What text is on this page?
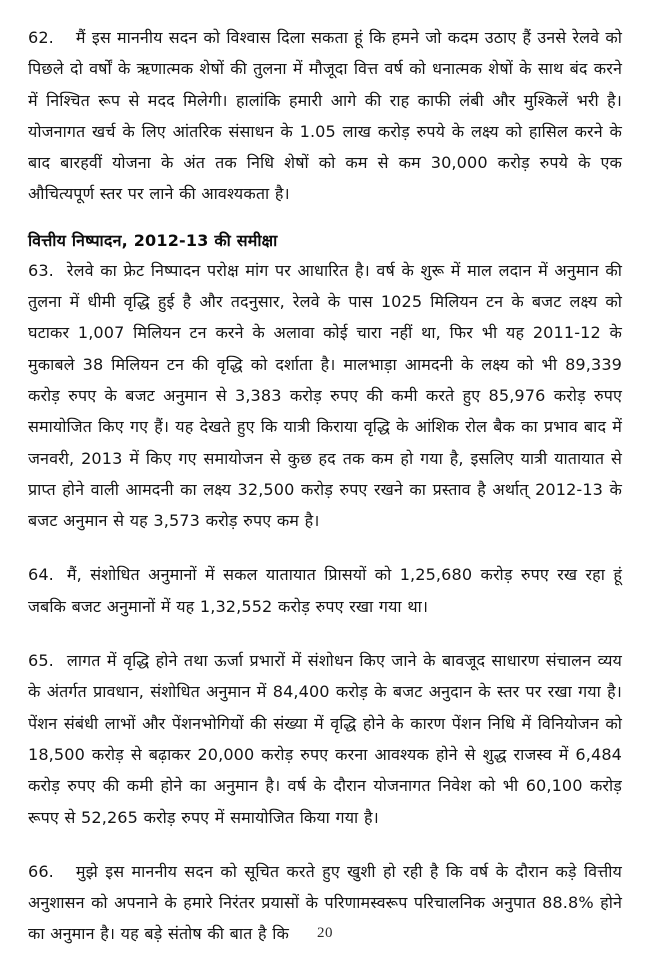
62. मैं इस माननीय सदन को विश्वास दिला सकता हूं कि हमने जो कदम उठाए हैं उनसे रेलवे को पिछले दो वर्षों के ऋणात्मक शेषों की तुलना में मौजूदा वित्त वर्ष को धनात्मक शेषों के साथ बंद करने में निश्चित रूप से मदद मिलेगी। हालांकि हमारी आगे की राह काफी लंबी और मुश्किलें भरी है। योजनागत खर्च के लिए आंतरिक संसाधन के 1.05 लाख करोड़ रुपये के लक्ष्य को हासिल करने के बाद बारहवीं योजना के अंत तक निधि शेषों को कम से कम 30,000 करोड़ रुपये के एक औचित्यपूर्ण स्तर पर लाने की आवश्यकता है।

वित्तीय निष्पादन, 2012-13 की समीक्षा

63. रेलवे का फ्रेट निष्पादन परोक्ष मांग पर आधारित है। वर्ष के शुरू में माल लदान में अनुमान की तुलना में धीमी वृद्धि हुई है और तदनुसार, रेलवे के पास 1025 मिलियन टन के बजट लक्ष्य को घटाकर 1,007 मिलियन टन करने के अलावा कोई चारा नहीं था, फिर भी यह 2011-12 के मुकाबले 38 मिलियन टन की वृद्धि को दर्शाता है। मालभाड़ा आमदनी के लक्ष्य को भी 89,339 करोड़ रुपए के बजट अनुमान से 3,383 करोड़ रुपए की कमी करते हुए 85,976 करोड़ रुपए समायोजित किए गए हैं। यह देखते हुए कि यात्री किराया वृद्धि के आंशिक रोल बैक का प्रभाव बाद में जनवरी, 2013 में किए गए समायोजन से कुछ हद तक कम हो गया है, इसलिए यात्री यातायात से प्राप्त होने वाली आमदनी का लक्ष्य 32,500 करोड़ रुपए रखने का प्रस्ताव है अर्थात् 2012-13 के बजट अनुमान से यह 3,573 करोड़ रुपए कम है।

64. मैं, संशोधित अनुमानों में सकल यातायात प्रािसयों को 1,25,680 करोड़ रुपए रख रहा हूं जबकि बजट अनुमानों में यह 1,32,552 करोड़ रुपए रखा गया था।

65. लागत में वृद्धि होने तथा ऊर्जा प्रभारों में संशोधन किए जाने के बावजूद साधारण संचालन व्यय के अंतर्गत प्रावधान, संशोधित अनुमान में 84,400 करोड़ के बजट अनुदान के स्तर पर रखा गया है। पेंशन संबंधी लाभों और पेंशनभोगियों की संख्या में वृद्धि होने के कारण पेंशन निधि में विनियोजन को 18,500 करोड़ से बढ़ाकर 20,000 करोड़ रुपए करना आवश्यक होने से शुद्ध राजस्व में 6,484 करोड़ रुपए की कमी होने का अनुमान है। वर्ष के दौरान योजनागत निवेश को भी 60,100 करोड़ रूपए से 52,265 करोड़ रुपए में समायोजित किया गया है।

66. मुझे इस माननीय सदन को सूचित करते हुए खुशी हो रही है कि वर्ष के दौरान कड़े वित्तीय अनुशासन को अपनाने के हमारे निरंतर प्रयासों के परिणामस्वरूप परिचालनिक अनुपात 88.8% होने का अनुमान है। यह बड़े संतोष की बात है कि	20
